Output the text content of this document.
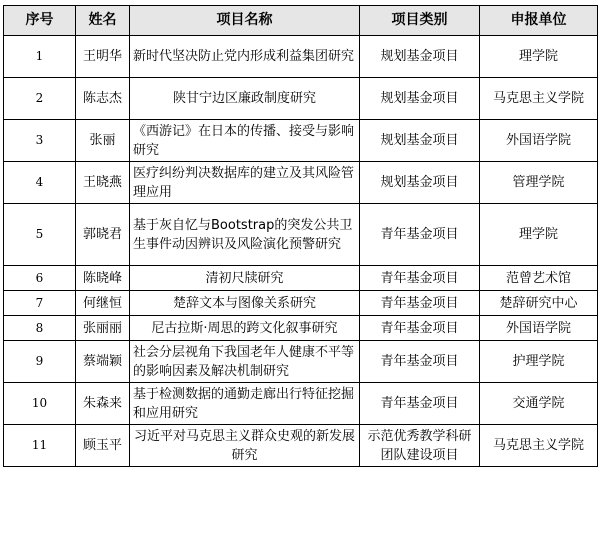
序号	姓名	项目名称	项目类别	申报单位
1	王明华	新时代坚决防止党内形成利益集团研究	规划基金项目	理学院
2	陈志杰	陕甘宁边区廉政制度研究	规划基金项目	马克思主义学院
3	张丽	《西游记》在日本的传播、接受与影响研究	规划基金项目	外国语学院
4	王晓燕	医疗纠纷判决数据库的建立及其风险管理应用	规划基金项目	管理学院
5	郭晓君	基于灰自忆与Bootstrap的突发公共卫生事件动因辨识及风险演化预警研究	青年基金项目	理学院
6	陈晓峰	清初尺牍研究	青年基金项目	范曾艺术馆
7	何继恒	楚辞文本与图像关系研究	青年基金项目	楚辞研究中心
8	张丽丽	尼古拉斯·周思的跨文化叙事研究	青年基金项目	外国语学院
9	蔡端颖	社会分层视角下我国老年人健康不平等的影响因素及解决机制研究	青年基金项目	护理学院
10	朱森来	基于检测数据的通勤走廊出行特征挖掘和应用研究	青年基金项目	交通学院
11	顾玉平	习近平对马克思主义群众史观的新发展研究	示范优秀教学科研团队建设项目	马克思主义学院
